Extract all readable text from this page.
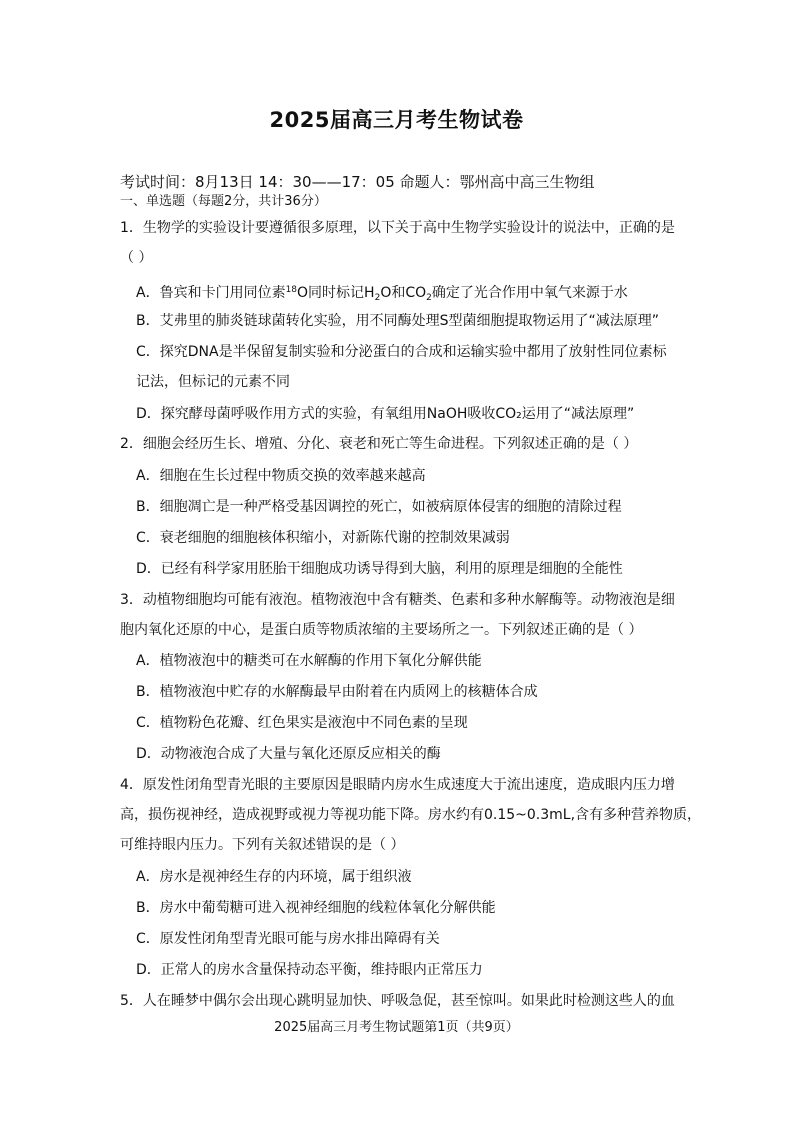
2025届高三月考生物试卷
考试时间：8月13日 14：30——17：05 命题人：鄂州高中高三生物组
一、单选题（每题2分，共计36分）
1．生物学的实验设计要遵循很多原理，以下关于高中生物学实验设计的说法中，正确的是
（ ）
A．鲁宾和卡门用同位素$^{18}$O同时标记$H_2O$和$CO_2$确定了光合作用中氧气来源于水
B．艾弗里的肺炎链球菌转化实验，用不同酶处理S型菌细胞提取物运用了“减法原理”
C．探究DNA是半保留复制实验和分泌蛋白的合成和运输实验中都用了放射性同位素标
记法，但标记的元素不同
D．探究酵母菌呼吸作用方式的实验，有氧组用NaOH吸收CO₂运用了“减法原理”
2．细胞会经历生长、增殖、分化、衰老和死亡等生命进程。下列叙述正确的是（ ）
A．细胞在生长过程中物质交换的效率越来越高
B．细胞凋亡是一种严格受基因调控的死亡，如被病原体侵害的细胞的清除过程
C．衰老细胞的细胞核体积缩小，对新陈代谢的控制效果减弱
D．已经有科学家用胚胎干细胞成功诱导得到大脑，利用的原理是细胞的全能性
3．动植物细胞均可能有液泡。植物液泡中含有糖类、色素和多种水解酶等。动物液泡是细
胞内氧化还原的中心，是蛋白质等物质浓缩的主要场所之一。下列叙述正确的是（ ）
A．植物液泡中的糖类可在水解酶的作用下氧化分解供能
B．植物液泡中贮存的水解酶最早由附着在内质网上的核糖体合成
C．植物粉色花瓣、红色果实是液泡中不同色素的呈现
D．动物液泡合成了大量与氧化还原反应相关的酶
4．原发性闭角型青光眼的主要原因是眼睛内房水生成速度大于流出速度，造成眼内压力增
高，损伤视神经，造成视野或视力等视功能下降。房水约有0.15~0.3mL,含有多种营养物质，
可维持眼内压力。下列有关叙述错误的是（ ）
A．房水是视神经生存的内环境，属于组织液
B．房水中葡萄糖可进入视神经细胞的线粒体氧化分解供能
C．原发性闭角型青光眼可能与房水排出障碍有关
D．正常人的房水含量保持动态平衡，维持眼内正常压力
5．人在睡梦中偶尔会出现心跳明显加快、呼吸急促，甚至惊叫。如果此时检测这些人的血
2025届高三月考生物试题第1页（共9页）
